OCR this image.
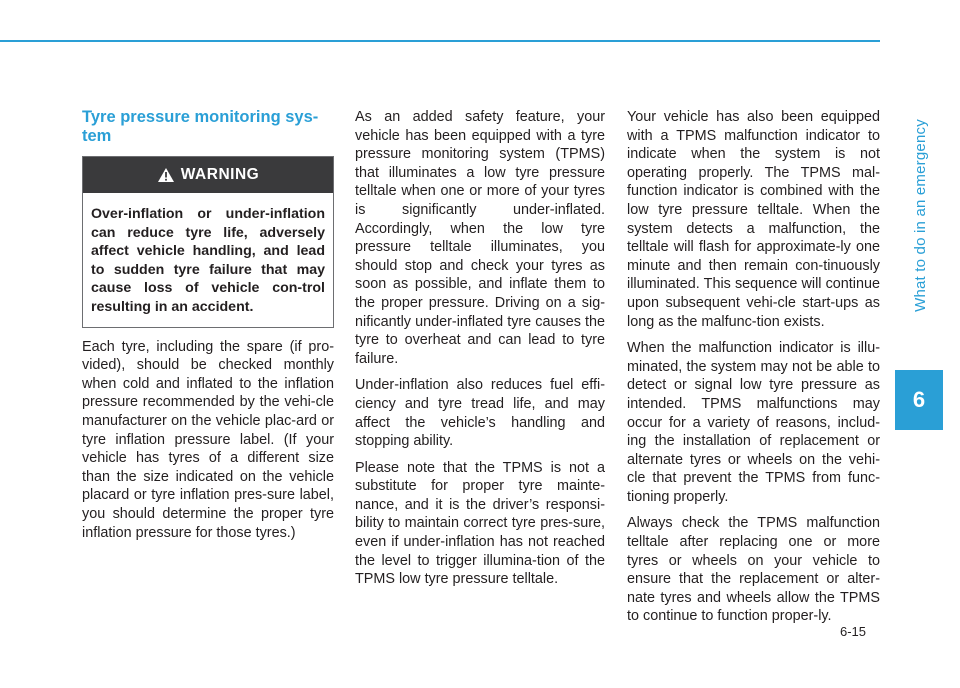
What to do in an emergency
6
Tyre pressure monitoring sys-
tem
WARNING
Over-inflation or under-inflation can reduce tyre life, adversely affect vehicle handling, and lead to sudden tyre failure that may cause loss of vehicle con-trol resulting in an accident.

Each tyre, including the spare (if pro-vided), should be checked monthly when cold and inflated to the inflation pressure recommended by the vehi-cle manufacturer on the vehicle plac-ard or tyre inflation pressure label. (If your vehicle has tyres of a different size than the size indicated on the vehicle placard or tyre inflation pres-sure label, you should determine the proper tyre inflation pressure for those tyres.)

As an added safety feature, your vehicle has been equipped with a tyre pressure monitoring system (TPMS) that illuminates a low tyre pressure telltale when one or more of your tyres is significantly under-inflated. Accordingly, when the low tyre pressure telltale illuminates, you should stop and check your tyres as soon as possible, and inflate them to the proper pressure. Driving on a sig-nificantly under-inflated tyre causes the tyre to overheat and can lead to tyre failure.

Under-inflation also reduces fuel effi-ciency and tyre tread life, and may affect the vehicle’s handling and stopping ability.

Please note that the TPMS is not a substitute for proper tyre mainte-nance, and it is the driver’s responsi-bility to maintain correct tyre pres-sure, even if under-inflation has not reached the level to trigger illumina-tion of the TPMS low tyre pressure telltale.

Your vehicle has also been equipped with a TPMS malfunction indicator to indicate when the system is not operating properly. The TPMS mal-function indicator is combined with the low tyre pressure telltale. When the system detects a malfunction, the telltale will flash for approximate-ly one minute and then remain con-tinuously illuminated. This sequence will continue upon subsequent vehi-cle start-ups as long as the malfunc-tion exists.

When the malfunction indicator is illu-minated, the system may not be able to detect or signal low tyre pressure as intended. TPMS malfunctions may occur for a variety of reasons, includ-ing the installation of replacement or alternate tyres or wheels on the vehi-cle that prevent the TPMS from func-tioning properly.

Always check the TPMS malfunction telltale after replacing one or more tyres or wheels on your vehicle to ensure that the replacement or alter-nate tyres and wheels allow the TPMS to continue to function proper-ly.

6-15
